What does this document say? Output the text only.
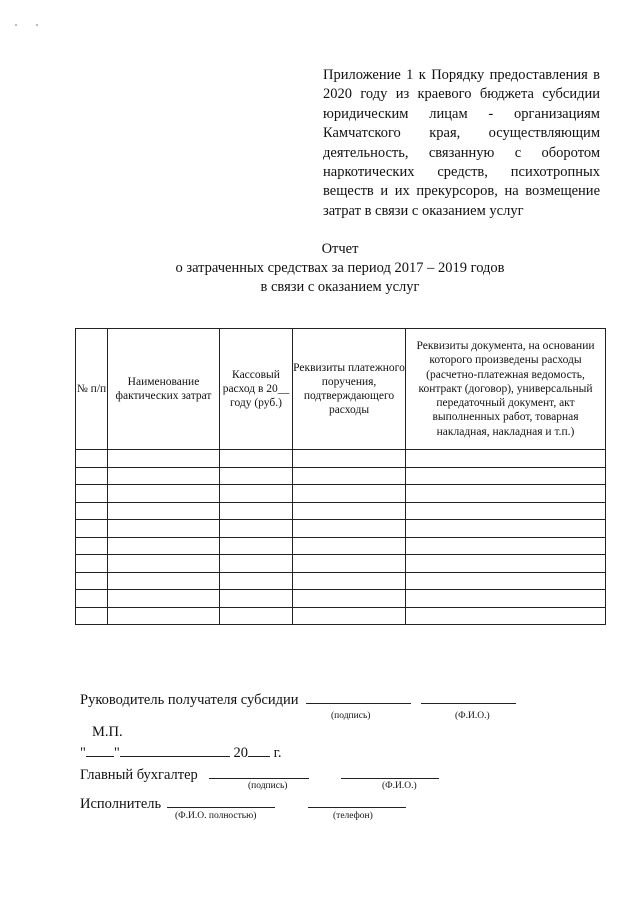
Приложение 1 к Порядку предоставления в 2020 году из краевого бюджета субсидии юридическим лицам - организациям Камчатского края, осуществляющим деятельность, связанную с оборотом наркотических средств, психотропных веществ и их прекурсоров, на возмещение затрат в связи с оказанием услуг
Отчет
о затраченных средствах за период 2017 – 2019 годов
в связи с оказанием услуг
№ п/п	Наименование фактических затрат	Кассовый расход в 20__ году (руб.)	Реквизиты платежного поручения, подтверждающего расходы	Реквизиты документа, на основании которого произведены расходы (расчетно-платежная ведомость, контракт (договор), универсальный передаточный документ, акт выполненных работ, товарная накладная, накладная и т.п.)

Руководитель получателя субсидии
(подпись)	(Ф.И.О.)
М.П.
" "	20 г.
Главный бухгалтер
(подпись)	(Ф.И.О.)
Исполнитель
(Ф.И.О. полностью)	(телефон)
